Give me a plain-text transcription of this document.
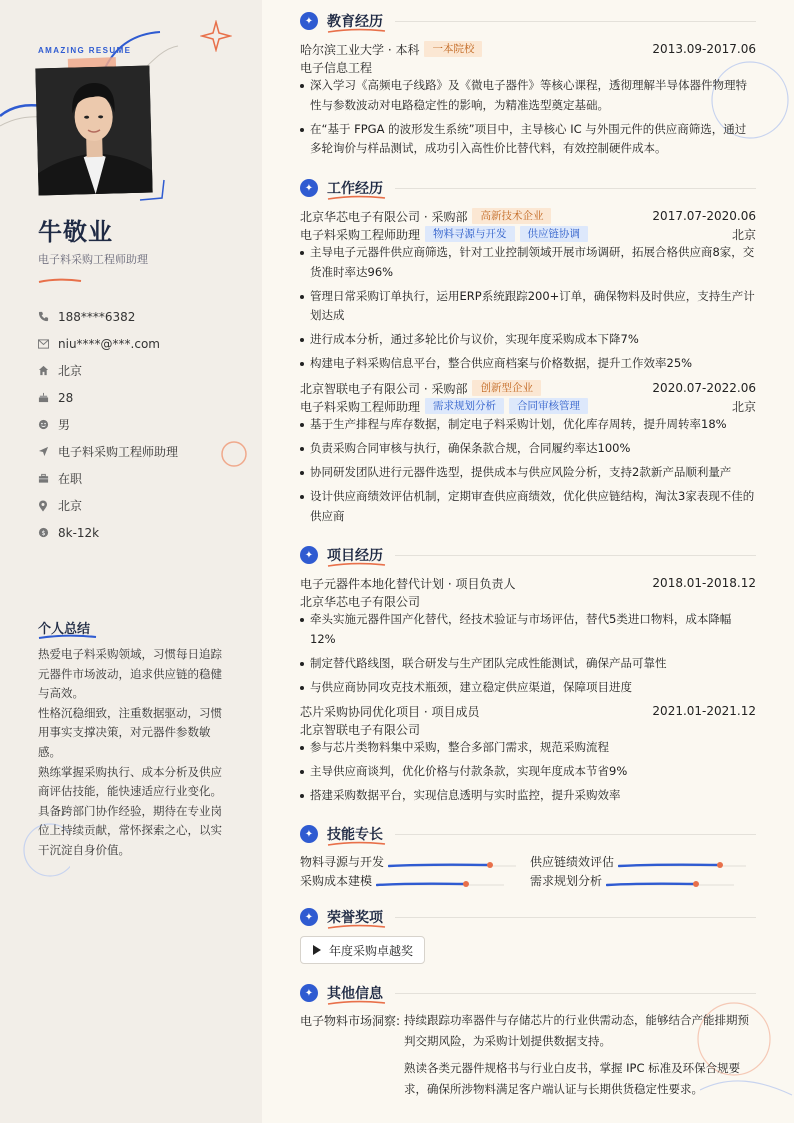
AMAZING RESUME
牛敬业
电子料采购工程师助理
188****6382
niu****@***.com
北京
28
男
电子料采购工程师助理
在职
北京
$ 8k-12k
个人总结

热爱电子料采购领域，习惯每日追踪元器件市场波动，追求供应链的稳健与高效。

性格沉稳细致，注重数据驱动，习惯用事实支撑决策，对元器件参数敏感。

熟练掌握采购执行、成本分析及供应商评估技能，能快速适应行业变化。

具备跨部门协作经验，期待在专业岗位上持续贡献，常怀探索之心，以实干沉淀自身价值。

✦ 教育经历
哈尔滨工业大学 · 本科	一本院校	2013.09-2017.06
电子信息工程
深入学习《高频电子线路》及《微电子器件》等核心课程，透彻理解半导体器件物理特性与参数波动对电路稳定性的影响，为精准选型奠定基础。
在“基于 FPGA 的波形发生系统”项目中，主导核心 IC 与外围元件的供应商筛选，通过多轮询价与样品测试，成功引入高性价比替代料，有效控制硬件成本。
✦ 工作经历
北京华芯电子有限公司 · 采购部	高新技术企业	2017.07-2020.06
电子料采购工程师助理	物料寻源与开发	供应链协调	北京
主导电子元器件供应商筛选，针对工业控制领域开展市场调研，拓展合格供应商8家，交货准时率达96%
管理日常采购订单执行，运用ERP系统跟踪200+订单，确保物料及时供应，支持生产计划达成
进行成本分析，通过多轮比价与议价，实现年度采购成本下降7%
构建电子料采购信息平台，整合供应商档案与价格数据，提升工作效率25%
北京智联电子有限公司 · 采购部	创新型企业	2020.07-2022.06
电子料采购工程师助理	需求规划分析	合同审核管理	北京
基于生产排程与库存数据，制定电子料采购计划，优化库存周转，提升周转率18%
负责采购合同审核与执行，确保条款合规，合同履约率达100%
协同研发团队进行元器件选型，提供成本与供应风险分析，支持2款新产品顺利量产
设计供应商绩效评估机制，定期审查供应商绩效，优化供应链结构，淘汰3家表现不佳的供应商
✦ 项目经历
电子元器件本地化替代计划 · 项目负责人	2018.01-2018.12
北京华芯电子有限公司
牵头实施元器件国产化替代，经技术验证与市场评估，替代5类进口物料，成本降幅12%
制定替代路线图，联合研发与生产团队完成性能测试，确保产品可靠性
与供应商协同攻克技术瓶颈，建立稳定供应渠道，保障项目进度
芯片采购协同优化项目 · 项目成员	2021.01-2021.12
北京智联电子有限公司
参与芯片类物料集中采购，整合多部门需求，规范采购流程
主导供应商谈判，优化价格与付款条款，实现年度成本节省9%
搭建采购数据平台，实现信息透明与实时监控，提升采购效率
✦ 技能专长
物料寻源与开发	供应链绩效评估
采购成本建模	需求规划分析
✦ 荣誉奖项
年度采购卓越奖
✦ 其他信息
电子物料市场洞察: 持续跟踪功率器件与存储芯片的行业供需动态，能够结合产能排期预判交期风险，为采购计划提供数据支持。
熟读各类元器件规格书与行业白皮书，掌握 IPC 标准及环保合规要求，确保所涉物料满足客户端认证与长期供货稳定性要求。
